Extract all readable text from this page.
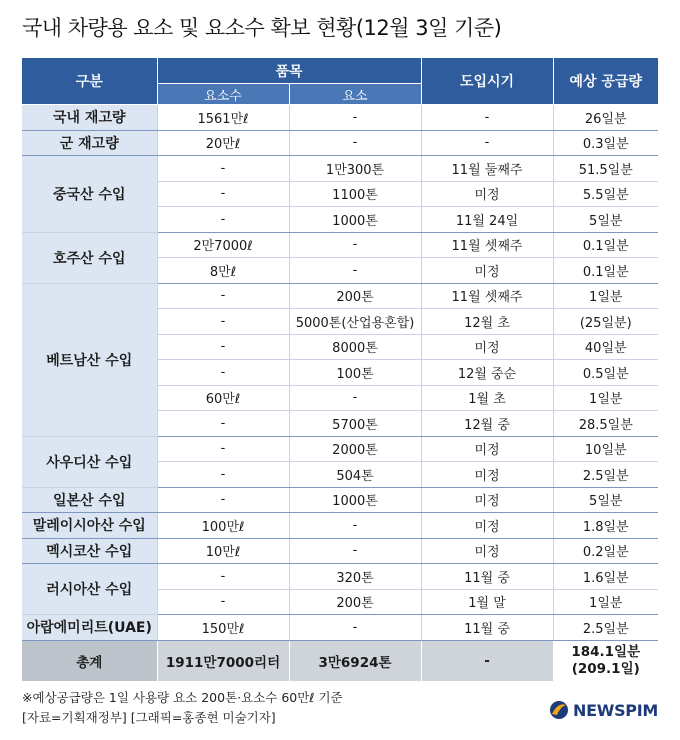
국내 차량용 요소 및 요소수 확보 현황(12월 3일 기준)
구분	품목		도입시기	예상 공급량
	요소수	요소		
국내 재고량	1561만ℓ	-	-	26일분
군 재고량	20만ℓ	-	-	0.3일분
중국산 수입	-	1만300톤	11월 둘째주	51.5일분
	-	1100톤	미정	5.5일분
	-	1000톤	11월 24일	5일분
호주산 수입	2만7000ℓ	-	11월 셋째주	0.1일분
	8만ℓ	-	미정	0.1일분
베트남산 수입	-	200톤	11월 셋째주	1일분
	-	5000톤(산업용혼합)	12월 초	(25일분)
	-	8000톤	미정	40일분
	-	100톤	12월 중순	0.5일분
	60만ℓ	-	1월 초	1일분
	-	5700톤	12월 중	28.5일분
사우디산 수입	-	2000톤	미정	10일분
	-	504톤	미정	2.5일분
일본산 수입	-	1000톤	미정	5일분
말레이시아산 수입	100만ℓ	-	미정	1.8일분
멕시코산 수입	10만ℓ	-	미정	0.2일분
러시아산 수입	-	320톤	11월 중	1.6일분
	-	200톤	1월 말	1일분
아랍에미리트(UAE)	150만ℓ	-	11월 중	2.5일분
총계	1911만7000리터	3만6924톤	-	184.1일분
(209.1일)
※예상공급량은 1일 사용량 요소 200톤·요소수 60만ℓ 기준
[자료=기획재정부] [그래픽=홍종현 미술기자]	NEWSPIM
